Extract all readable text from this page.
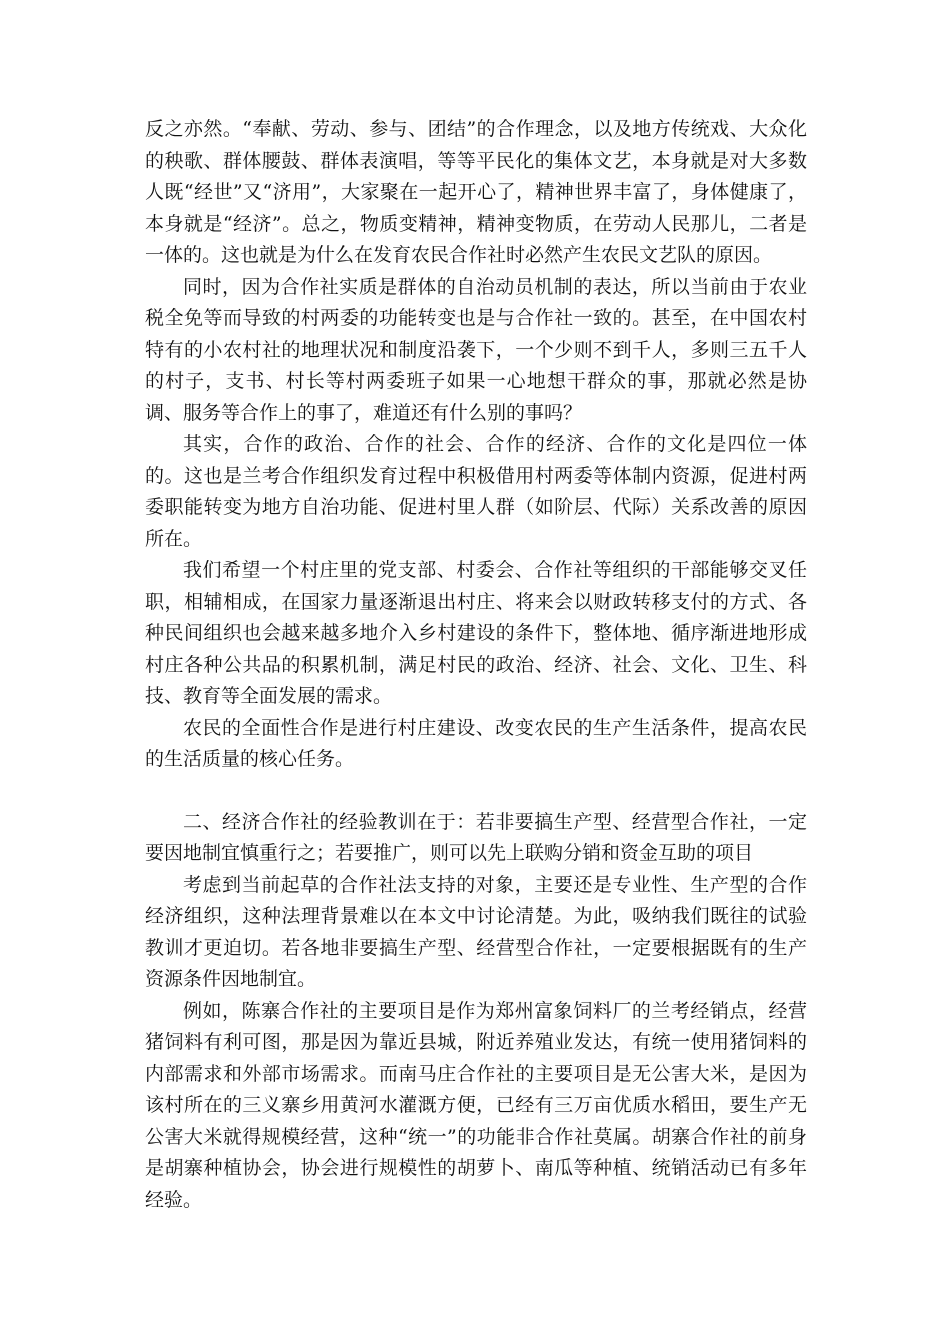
反之亦然。“奉献、劳动、参与、团结”的合作理念，以及地方传统戏、大众化的秧歌、群体腰鼓、群体表演唱，等等平民化的集体文艺，本身就是对大多数人既“经世”又“济用”，大家聚在一起开心了，精神世界丰富了，身体健康了，本身就是“经济”。总之，物质变精神，精神变物质，在劳动人民那儿，二者是一体的。这也就是为什么在发育农民合作社时必然产生农民文艺队的原因。

同时，因为合作社实质是群体的自治动员机制的表达，所以当前由于农业税全免等而导致的村两委的功能转变也是与合作社一致的。甚至，在中国农村特有的小农村社的地理状况和制度沿袭下，一个少则不到千人，多则三五千人的村子，支书、村长等村两委班子如果一心地想干群众的事，那就必然是协调、服务等合作上的事了，难道还有什么别的事吗？

其实，合作的政治、合作的社会、合作的经济、合作的文化是四位一体的。这也是兰考合作组织发育过程中积极借用村两委等体制内资源，促进村两委职能转变为地方自治功能、促进村里人群（如阶层、代际）关系改善的原因所在。

我们希望一个村庄里的党支部、村委会、合作社等组织的干部能够交叉任职，相辅相成，在国家力量逐渐退出村庄、将来会以财政转移支付的方式、各种民间组织也会越来越多地介入乡村建设的条件下，整体地、循序渐进地形成村庄各种公共品的积累机制，满足村民的政治、经济、社会、文化、卫生、科技、教育等全面发展的需求。

农民的全面性合作是进行村庄建设、改变农民的生产生活条件，提高农民的生活质量的核心任务。

二、经济合作社的经验教训在于：若非要搞生产型、经营型合作社，一定要因地制宜慎重行之；若要推广，则可以先上联购分销和资金互助的项目

考虑到当前起草的合作社法支持的对象，主要还是专业性、生产型的合作经济组织，这种法理背景难以在本文中讨论清楚。为此，吸纳我们既往的试验教训才更迫切。若各地非要搞生产型、经营型合作社，一定要根据既有的生产资源条件因地制宜。

例如，陈寨合作社的主要项目是作为郑州富象饲料厂的兰考经销点，经营猪饲料有利可图，那是因为靠近县城，附近养殖业发达，有统一使用猪饲料的内部需求和外部市场需求。而南马庄合作社的主要项目是无公害大米，是因为该村所在的三义寨乡用黄河水灌溉方便，已经有三万亩优质水稻田，要生产无公害大米就得规模经营，这种“统一”的功能非合作社莫属。胡寨合作社的前身是胡寨种植协会，协会进行规模性的胡萝卜、南瓜等种植、统销活动已有多年经验。
